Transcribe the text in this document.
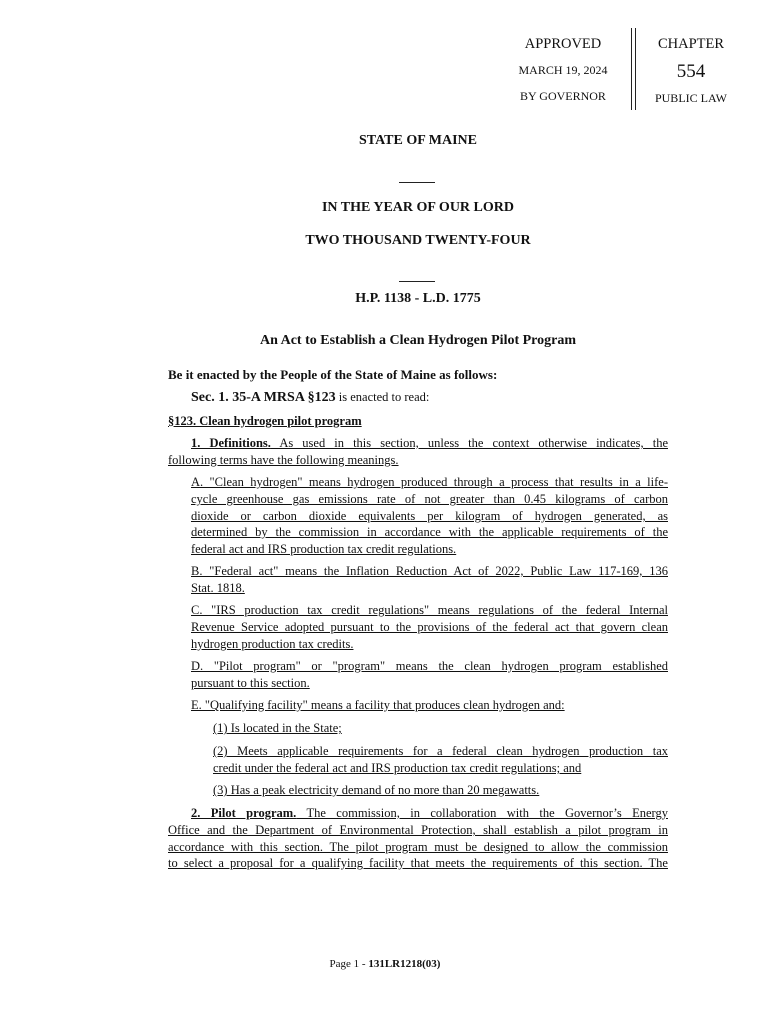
APPROVED
MARCH 19, 2024
BY GOVERNOR
CHAPTER
554
PUBLIC LAW
STATE OF MAINE
IN THE YEAR OF OUR LORD
TWO THOUSAND TWENTY-FOUR
H.P. 1138 - L.D. 1775
An Act to Establish a Clean Hydrogen Pilot Program
Be it enacted by the People of the State of Maine as follows:
Sec. 1. 35-A MRSA §123 is enacted to read:
§123. Clean hydrogen pilot program
1. Definitions. As used in this section, unless the context otherwise indicates, the
following terms have the following meanings.
A. "Clean hydrogen" means hydrogen produced through a process that results in a life-
cycle greenhouse gas emissions rate of not greater than 0.45 kilograms of carbon
dioxide or carbon dioxide equivalents per kilogram of hydrogen generated, as
determined by the commission in accordance with the applicable requirements of the
federal act and IRS production tax credit regulations.
B. "Federal act" means the Inflation Reduction Act of 2022, Public Law 117-169, 136
Stat. 1818.
C. "IRS production tax credit regulations" means regulations of the federal Internal
Revenue Service adopted pursuant to the provisions of the federal act that govern clean
hydrogen production tax credits.
D. "Pilot program" or "program" means the clean hydrogen program established
pursuant to this section.
E. "Qualifying facility" means a facility that produces clean hydrogen and:
(1) Is located in the State;
(2) Meets applicable requirements for a federal clean hydrogen production tax
credit under the federal act and IRS production tax credit regulations; and
(3) Has a peak electricity demand of no more than 20 megawatts.
2. Pilot program. The commission, in collaboration with the Governor’s Energy
Office and the Department of Environmental Protection, shall establish a pilot program in
accordance with this section. The pilot program must be designed to allow the commission
to select a proposal for a qualifying facility that meets the requirements of this section. The
Page 1 - 131LR1218(03)
